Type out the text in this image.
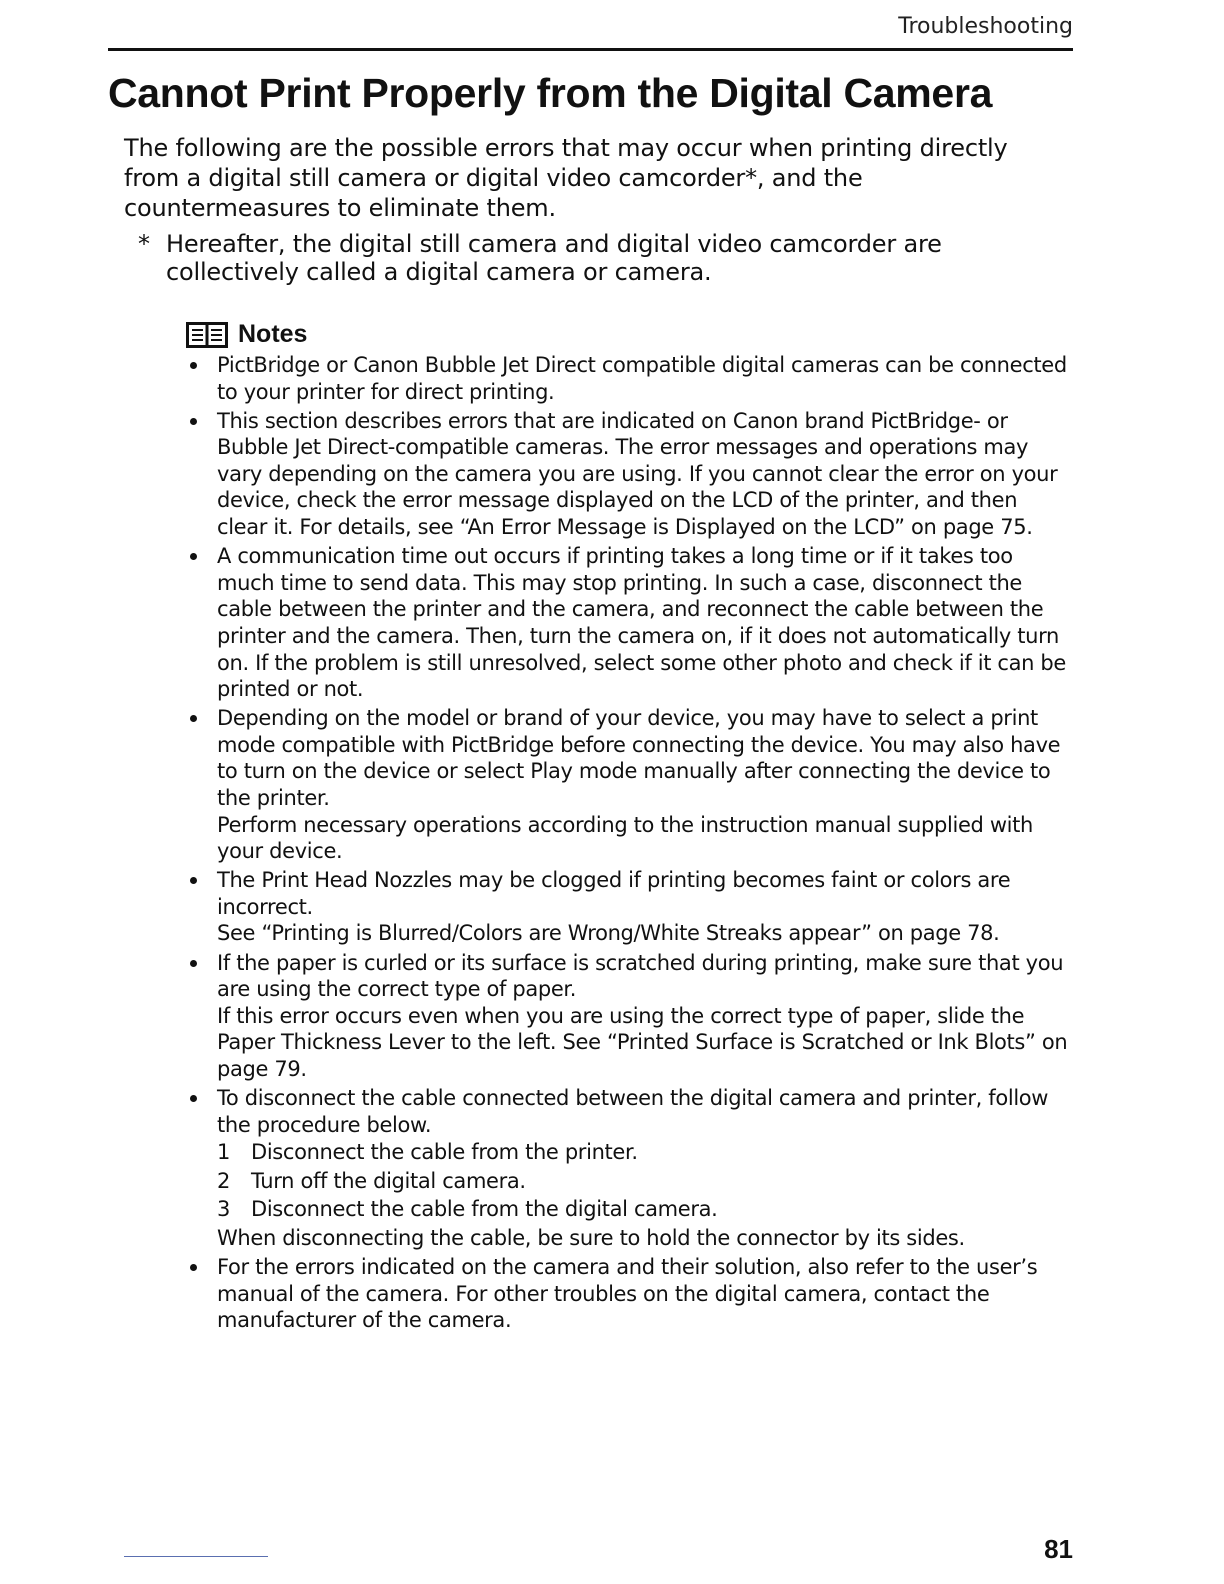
Troubleshooting
Cannot Print Properly from the Digital Camera

The following are the possible errors that may occur when printing directly from a digital still camera or digital video camcorder*, and the countermeasures to eliminate them.

* Hereafter, the digital still camera and digital video camcorder are collectively called a digital camera or camera.
Notes

PictBridge or Canon Bubble Jet Direct compatible digital cameras can be connected to your printer for direct printing.

This section describes errors that are indicated on Canon brand PictBridge- or Bubble Jet Direct-compatible cameras. The error messages and operations may vary depending on the camera you are using. If you cannot clear the error on your device, check the error message displayed on the LCD of the printer, and then clear it. For details, see “An Error Message is Displayed on the LCD” on page 75.

A communication time out occurs if printing takes a long time or if it takes too much time to send data. This may stop printing. In such a case, disconnect the cable between the printer and the camera, and reconnect the cable between the printer and the camera. Then, turn the camera on, if it does not automatically turn on. If the problem is still unresolved, select some other photo and check if it can be printed or not.

Depending on the model or brand of your device, you may have to select a print mode compatible with PictBridge before connecting the device. You may also have to turn on the device or select Play mode manually after connecting the device to the printer.

Perform necessary operations according to the instruction manual supplied with your device.

The Print Head Nozzles may be clogged if printing becomes faint or colors are incorrect.

See “Printing is Blurred/Colors are Wrong/White Streaks appear” on page 78.

If the paper is curled or its surface is scratched during printing, make sure that you are using the correct type of paper.

If this error occurs even when you are using the correct type of paper, slide the Paper Thickness Lever to the left. See “Printed Surface is Scratched or Ink Blots” on page 79.

To disconnect the cable connected between the digital camera and printer, follow the procedure below.

1 Disconnect the cable from the printer.
2 Turn off the digital camera.
3 Disconnect the cable from the digital camera.

When disconnecting the cable, be sure to hold the connector by its sides.

For the errors indicated on the camera and their solution, also refer to the user’s manual of the camera. For other troubles on the digital camera, contact the manufacturer of the camera.

81
